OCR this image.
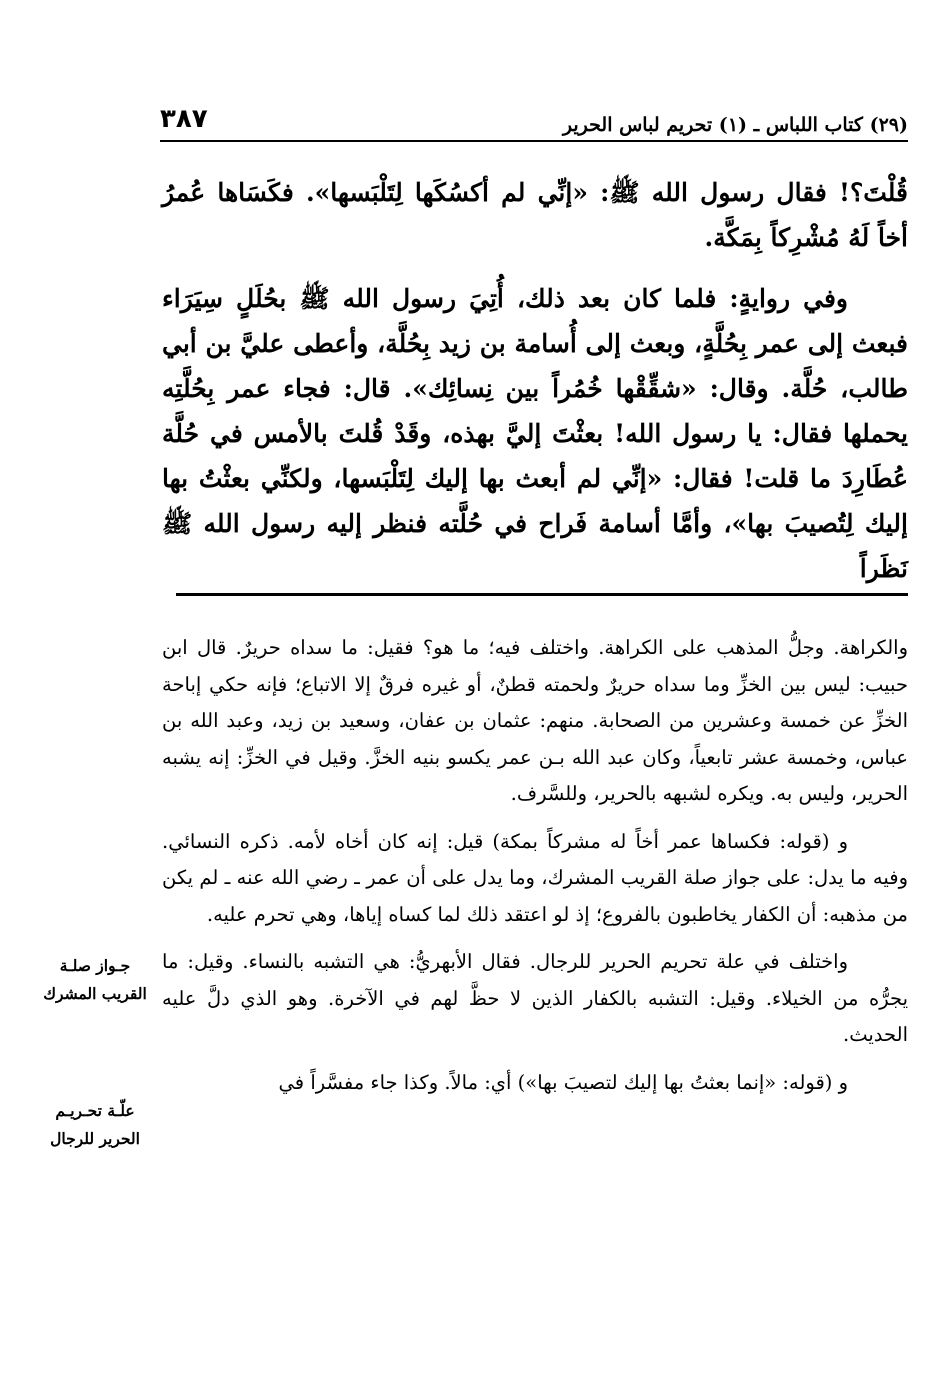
(٢٩) كتاب اللباس ـ (١) تحريم لباس الحرير
٣٨٧

قُلْتَ؟! فقال رسول الله ﷺ: «إنِّي لم أكسُكَها لِتَلْبَسها». فكَسَاها عُمرُ أخاً لَهُ مُشْرِكاً بِمَكَّة.

وفي روايةٍ: فلما كان بعد ذلك، أُتِيَ رسول الله ﷺ بحُلَلٍ سِيَرَاء فبعث إلى عمر بِحُلَّةٍ، وبعث إلى أُسامة بن زيد بِحُلَّة، وأعطى عليَّ بن أبي طالب، حُلَّة. وقال: «شقِّقْها خُمُراً بين نِسائِك». قال: فجاء عمر بِحُلَّتِه يحملها فقال: يا رسول الله! بعثْتَ إليَّ بهذه، وقَدْ قُلتَ بالأمس في حُلَّة عُطَارِدَ ما قلت! فقال: «إنِّي لم أبعث بها إليك لِتَلْبَسها، ولكنِّي بعثْتُ بها إليك لِتُصيبَ بها»، وأمَّا أسامة فَراح في حُلَّته فنظر إليه رسول الله ﷺ نَظَراً

والكراهة. وجلُّ المذهب على الكراهة. واختلف فيه؛ ما هو؟ فقيل: ما سداه حريرٌ. قال ابن حبيب: ليس بين الخزِّ وما سداه حريرٌ ولحمته قطنٌ، أو غيره فرقٌ إلا الاتباع؛ فإنه حكي إباحة الخزِّ عن خمسة وعشرين من الصحابة. منهم: عثمان بن عفان، وسعيد بن زيد، وعبد الله بن عباس، وخمسة عشر تابعياً، وكان عبد الله بـن عمر يكسو بنيه الخزَّ. وقيل في الخزِّ: إنه يشبه الحرير، وليس به. ويكره لشبهه بالحرير، وللسَّرف.

و (قوله: فكساها عمر أخاً له مشركاً بمكة) قيل: إنه كان أخاه لأمه. ذكره النسائي. وفيه ما يدل: على جواز صلة القريب المشرك، وما يدل على أن عمر ـ رضي الله عنه ـ لم يكن من مذهبه: أن الكفار يخاطبون بالفروع؛ إذ لو اعتقد ذلك لما كساه إياها، وهي تحرم عليه.

واختلف في علة تحريم الحرير للرجال. فقال الأبهريُّ: هي التشبه بالنساء. وقيل: ما يجرُّه من الخيلاء. وقيل: التشبه بالكفار الذين لا حظَّ لهم في الآخرة. وهو الذي دلَّ عليه الحديث.

و (قوله: «إنما بعثتُ بها إليك لتصيبَ بها») أي: مالاً. وكذا جاء مفسَّراً في

جـواز صلـة
القريب المشرك
علّـة تحـريـم
الحرير للرجال
